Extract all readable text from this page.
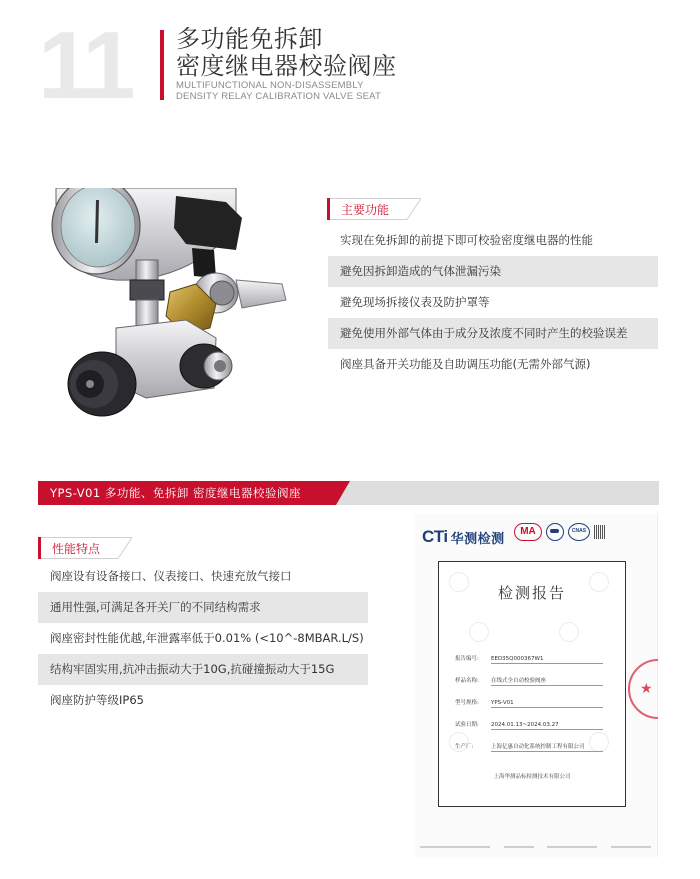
11 多功能免拆卸
密度继电器校验阀座
MULTIFUNCTIONAL NON-DISASSEMBLY
DENSITY RELAY CALIBRATION VALVE SEAT
主要功能
实现在免拆卸的前提下即可校验密度继电器的性能
避免因拆卸造成的气体泄漏污染
避免现场拆接仪表及防护罩等
避免使用外部气体由于成分及浓度不同时产生的校验误差
阀座具备开关功能及自助调压功能(无需外部气源)
YPS-V01 多功能、免拆卸 密度继电器校验阀座
性能特点
阀座设有设备接口、仪表接口、快速充放气接口
通用性强,可满足各开关厂的不同结构需求
阀座密封性能优越,年泄露率低于0.01% (<10^-8MBAR.L/S)
结构牢固实用,抗冲击振动大于10G,抗碰撞振动大于15G
阀座防护等级IP65
CTi 华测检测	MA	CNAS
检测报告
报告编号: EED35Q000367W1
样品名称: 在线式全自动校验阀座
型号规格: YPS-V01
试验日期: 2024.01.13~2024.03.27
生产厂:	上海亿惠自动化系统控制工程有限公司
上海华测品标检测技术有限公司
★
